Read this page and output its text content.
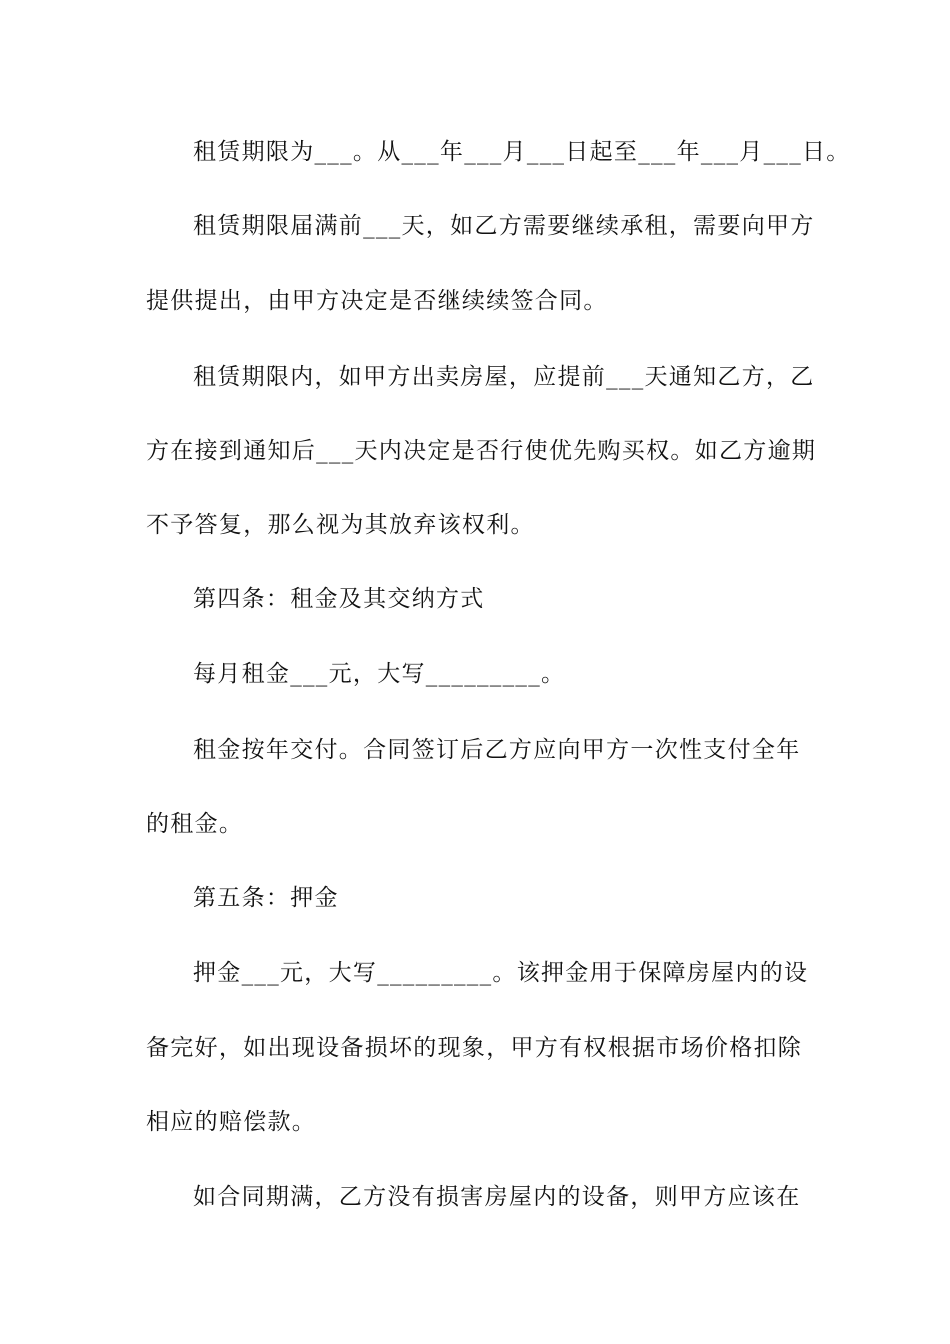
租赁期限为___。从___年___月___日起至___年___月___日。

租赁期限届满前___天，如乙方需要继续承租，需要向甲方

提供提出，由甲方决定是否继续续签合同。

租赁期限内，如甲方出卖房屋，应提前___天通知乙方，乙

方在接到通知后___天内决定是否行使优先购买权。如乙方逾期

不予答复，那么视为其放弃该权利。

第四条：租金及其交纳方式

每月租金___元，大写_________。

租金按年交付。合同签订后乙方应向甲方一次性支付全年

的租金。

第五条：押金

押金___元，大写_________。该押金用于保障房屋内的设

备完好，如出现设备损坏的现象，甲方有权根据市场价格扣除

相应的赔偿款。

如合同期满，乙方没有损害房屋内的设备，则甲方应该在
